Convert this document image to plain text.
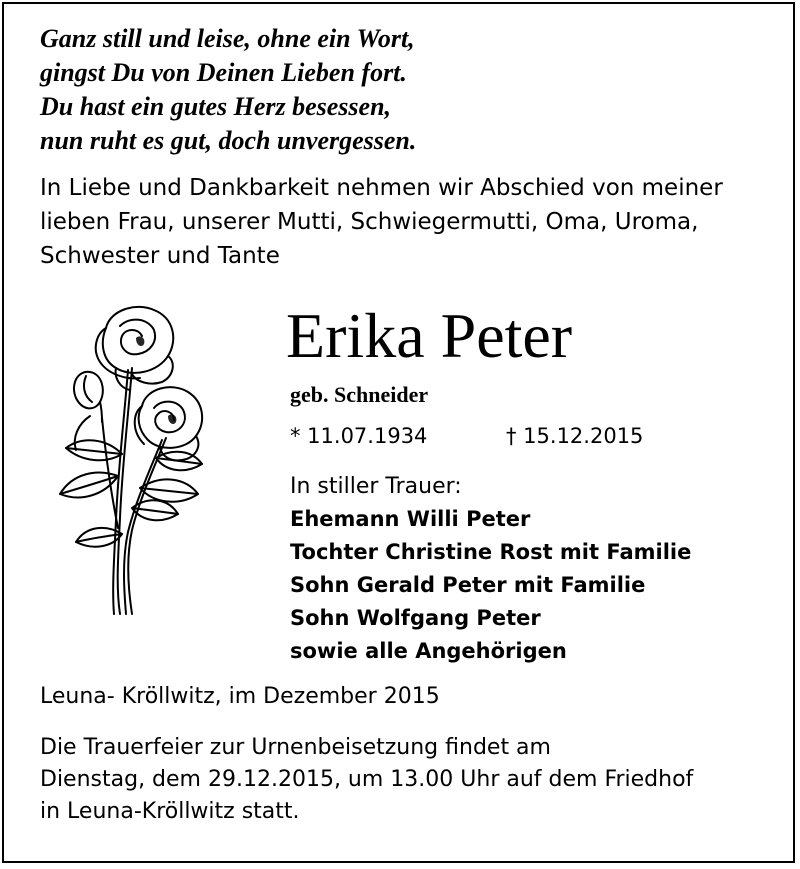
Ganz still und leise, ohne ein Wort,
gingst Du von Deinen Lieben fort.
Du hast ein gutes Herz besessen,
nun ruht es gut, doch unvergessen.
In Liebe und Dankbarkeit nehmen wir Abschied von meiner
lieben Frau, unserer Mutti, Schwiegermutti, Oma, Uroma,
Schwester und Tante
Erika Peter
geb. Schneider
* 11.07.1934	† 15.12.2015
In stiller Trauer:
Ehemann Willi Peter
Tochter Christine Rost mit Familie
Sohn Gerald Peter mit Familie
Sohn Wolfgang Peter
sowie alle Angehörigen
Leuna- Kröllwitz, im Dezember 2015
Die Trauerfeier zur Urnenbeisetzung findet am
Dienstag, dem 29.12.2015, um 13.00 Uhr auf dem Friedhof
in Leuna-Kröllwitz statt.
